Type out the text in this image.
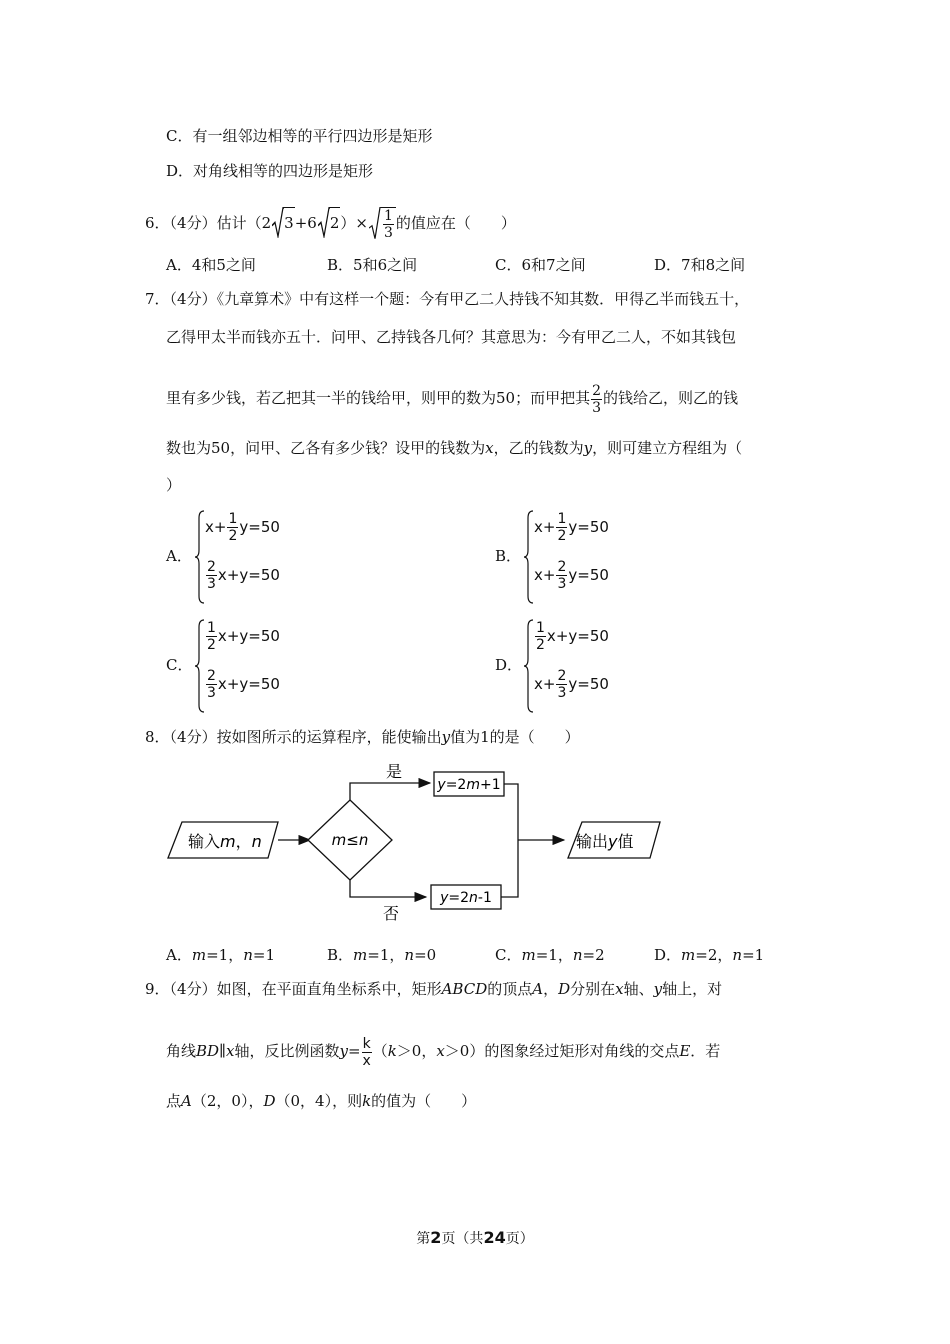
C．有一组邻边相等的平行四边形是矩形
D．对角线相等的四边形是矩形
6．（4分）估计（2 3+6 $2)\times \frac{1}{3}$ 的值应在（　　）
A．4和5之间	B．5和6之间	C．6和7之间	D．7和8之间
7．（4分）《九章算术》中有这样一个题：今有甲乙二人持钱不知其数．甲得乙半而钱五十，
乙得甲太半而钱亦五十．问甲、乙持钱各几何？其意思为：今有甲乙二人，不如其钱包
里有多少钱，若乙把其一半的钱给甲，则甲的数为50；而甲把其 $\frac{2}{3}$ 的钱给乙，则乙的钱
数也为50，问甲、乙各有多少钱？设甲的钱数为x，乙的钱数为y，则可建立方程组为（
）
A．
$x+ \frac{1}{2} y=50$
$\frac{2}{3} x+y=50$
B．
$x+ \frac{1}{2} y=50$
$x+ \frac{2}{3} y=50$
C．
$\frac{1}{2} x+y=50$
$\frac{2}{3} x+y=50$
D．
$\frac{1}{2} x+y=50$
$x+ \frac{2}{3} y=50$
8．（4分）按如图所示的运算程序，能使输出y值为1的是（　　）
输入m，n	m≤n
是
y=2m+1
否
y=2n-1
输出y值
A．m=1，n=1	B．m=1，n=0	C．m=1，n=2	D．m=2，n=1
9．（4分）如图，在平面直角坐标系中，矩形ABCD的顶点A，D分别在x轴、y轴上，对
角线BD∥x轴，反比例函数$y= \frac{k}{x} (k>0$，x＞0）的图象经过矩形对角线的交点E．若
点A（2，0），D（0，4），则k的值为（　　）
第2页（共24页）
